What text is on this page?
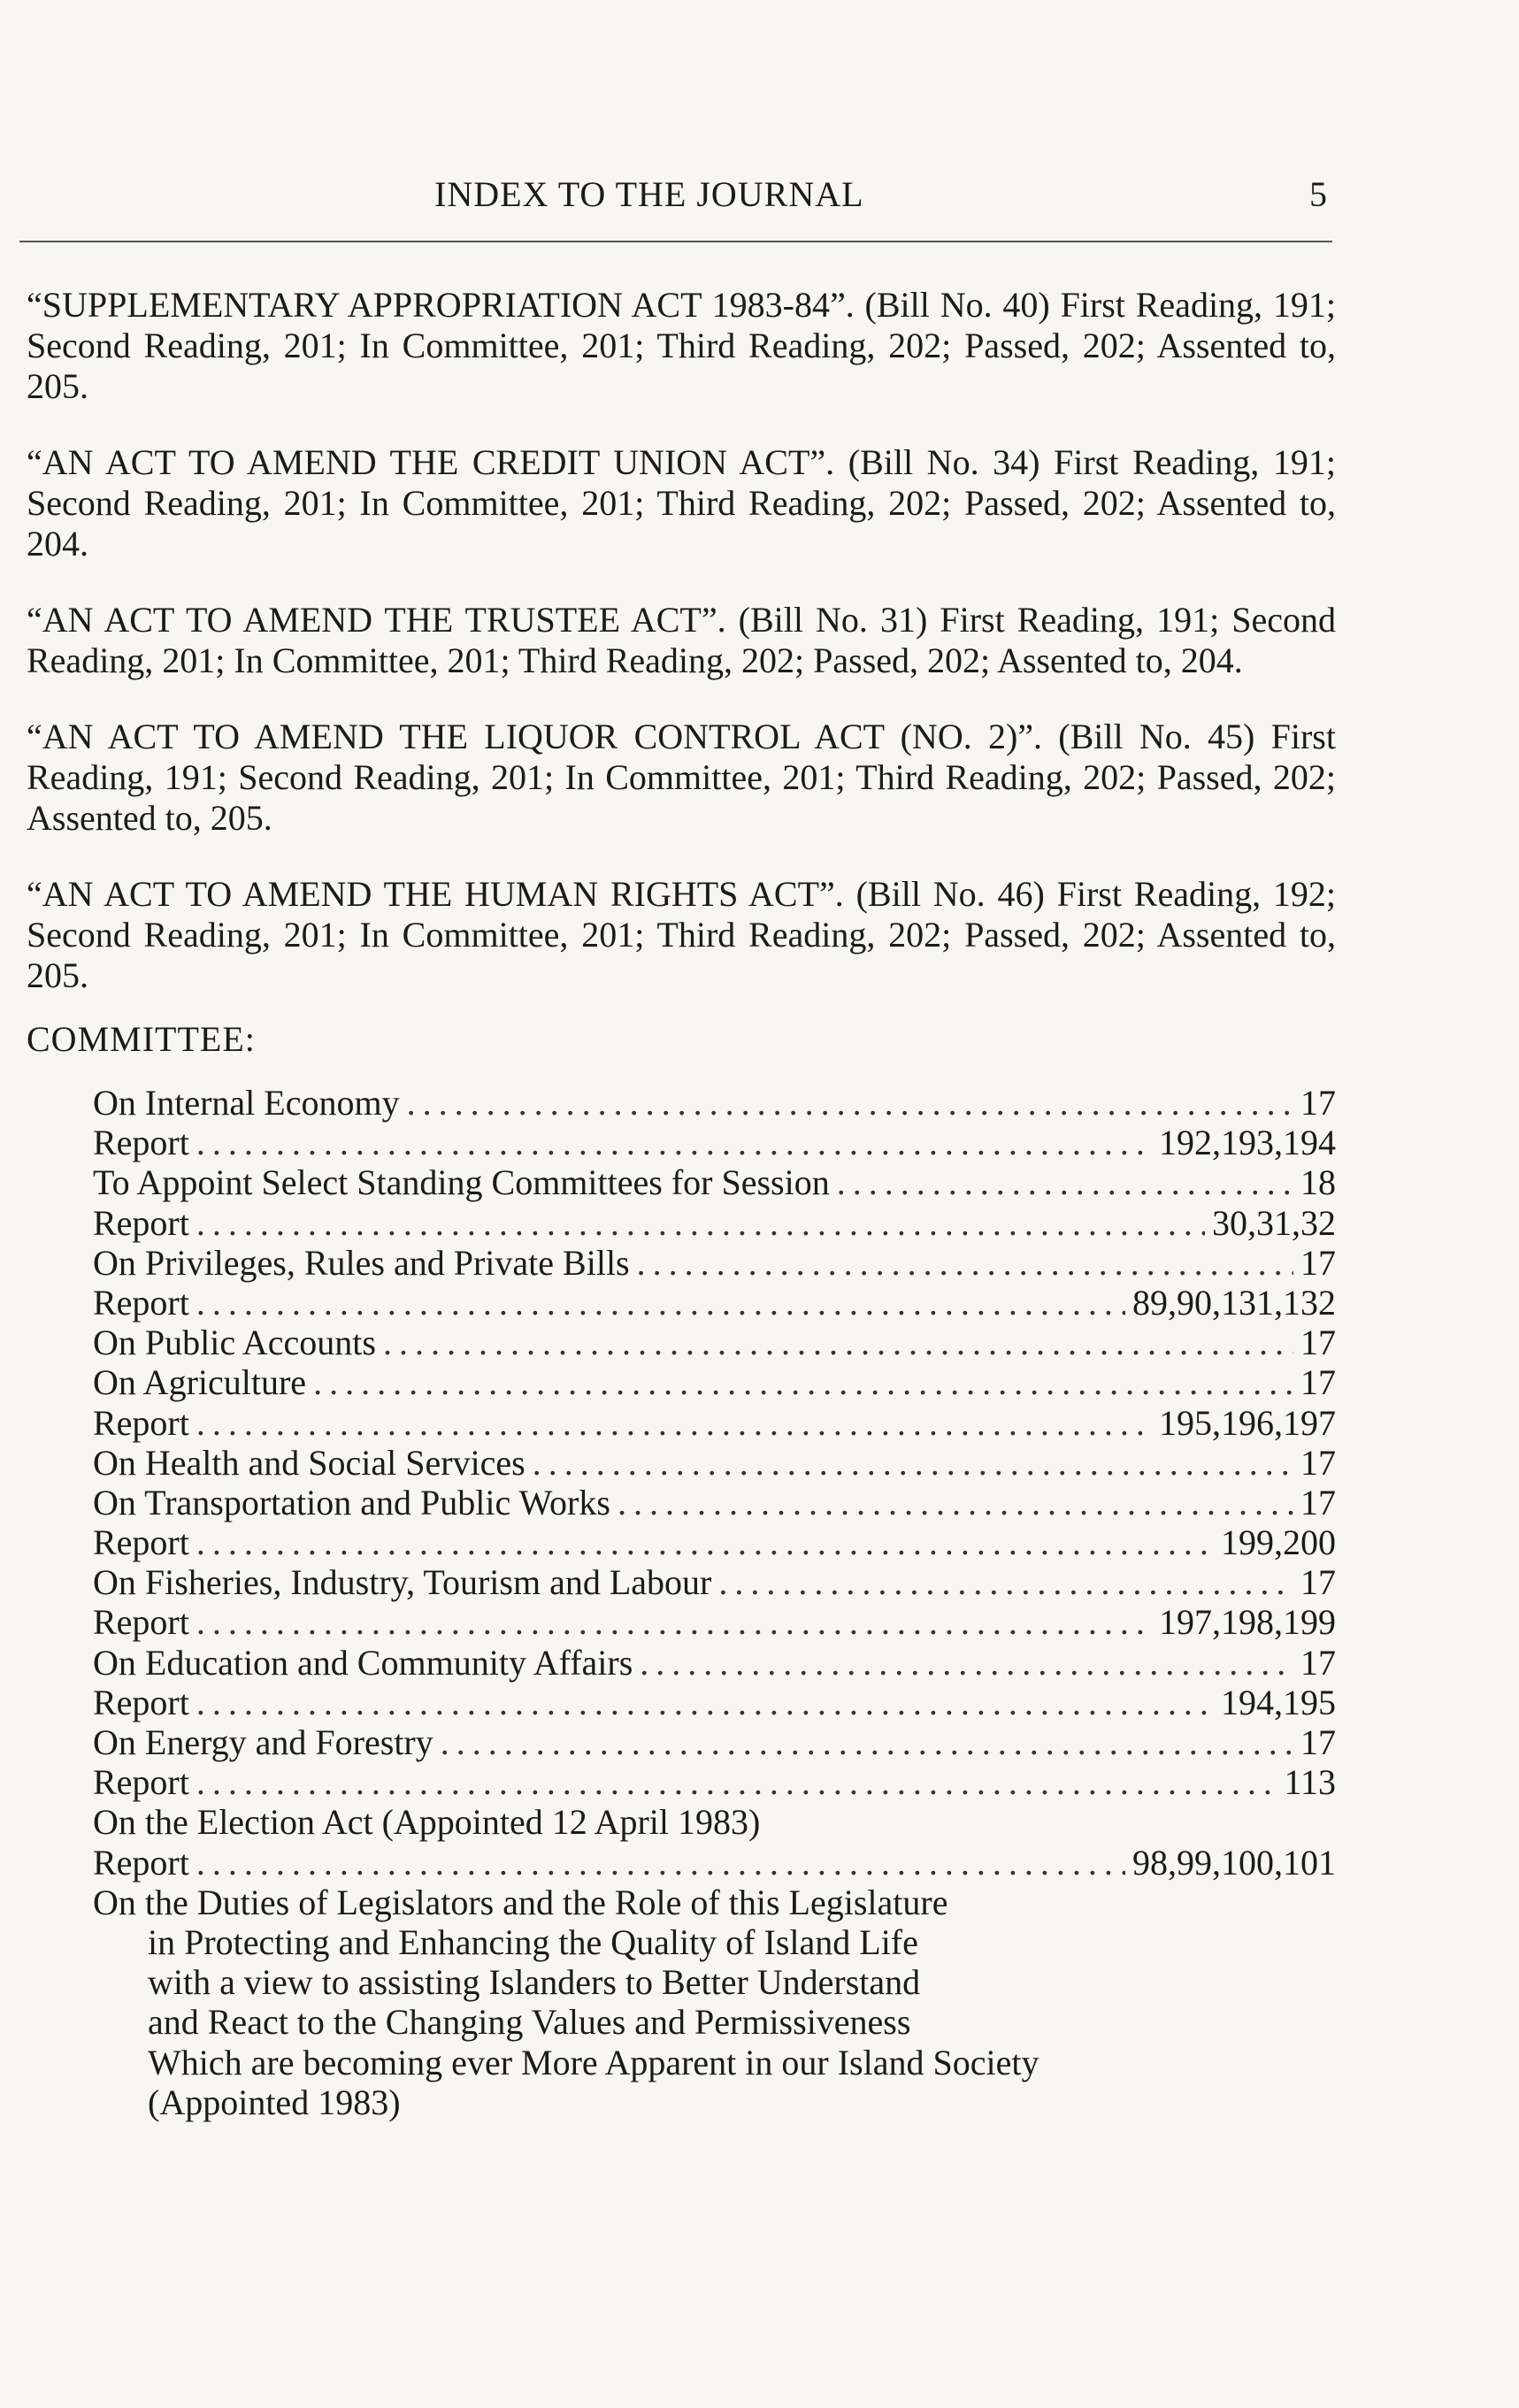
INDEX TO THE JOURNAL	5

“SUPPLEMENTARY APPROPRIATION ACT 1983-84”. (Bill No. 40) First Reading, 191; Second Reading, 201; In Committee, 201; Third Reading, 202; Passed, 202; Assented to, 205.

“AN ACT TO AMEND THE CREDIT UNION ACT”. (Bill No. 34) First Reading, 191; Second Reading, 201; In Committee, 201; Third Reading, 202; Passed, 202; Assented to, 204.

“AN ACT TO AMEND THE TRUSTEE ACT”. (Bill No. 31) First Reading, 191; Second Reading, 201; In Committee, 201; Third Reading, 202; Passed, 202; Assented to, 204.

“AN ACT TO AMEND THE LIQUOR CONTROL ACT (NO. 2)”. (Bill No. 45) First Reading, 191; Second Reading, 201; In Committee, 201; Third Reading, 202; Passed, 202; Assented to, 205.

“AN ACT TO AMEND THE HUMAN RIGHTS ACT”. (Bill No. 46) First Reading, 192; Second Reading, 201; In Committee, 201; Third Reading, 202; Passed, 202; Assented to, 205.

COMMITTEE:
On Internal Economy . . .	17
Report . . .	192,193,194
To Appoint Select Standing Committees for Session . . .	18
Report . . .	30,31,32
On Privileges, Rules and Private Bills . . .	17
Report . . .	89,90,131,132
On Public Accounts . . .	17
On Agriculture . . .	17
Report . . .	195,196,197
On Health and Social Services . . .	17
On Transportation and Public Works . . .	17
Report . . .	199,200
On Fisheries, Industry, Tourism and Labour . . .	17
Report . . .	197,198,199
On Education and Community Affairs . . .	17
Report . . .	194,195
On Energy and Forestry . . .	17
Report . . .	113
On the Election Act (Appointed 12 April 1983)
Report . . .	98,99,100,101
On the Duties of Legislators and the Role of this Legislature
in Protecting and Enhancing the Quality of Island Life
with a view to assisting Islanders to Better Understand
and React to the Changing Values and Permissiveness
Which are becoming ever More Apparent in our Island Society
(Appointed 1983)
